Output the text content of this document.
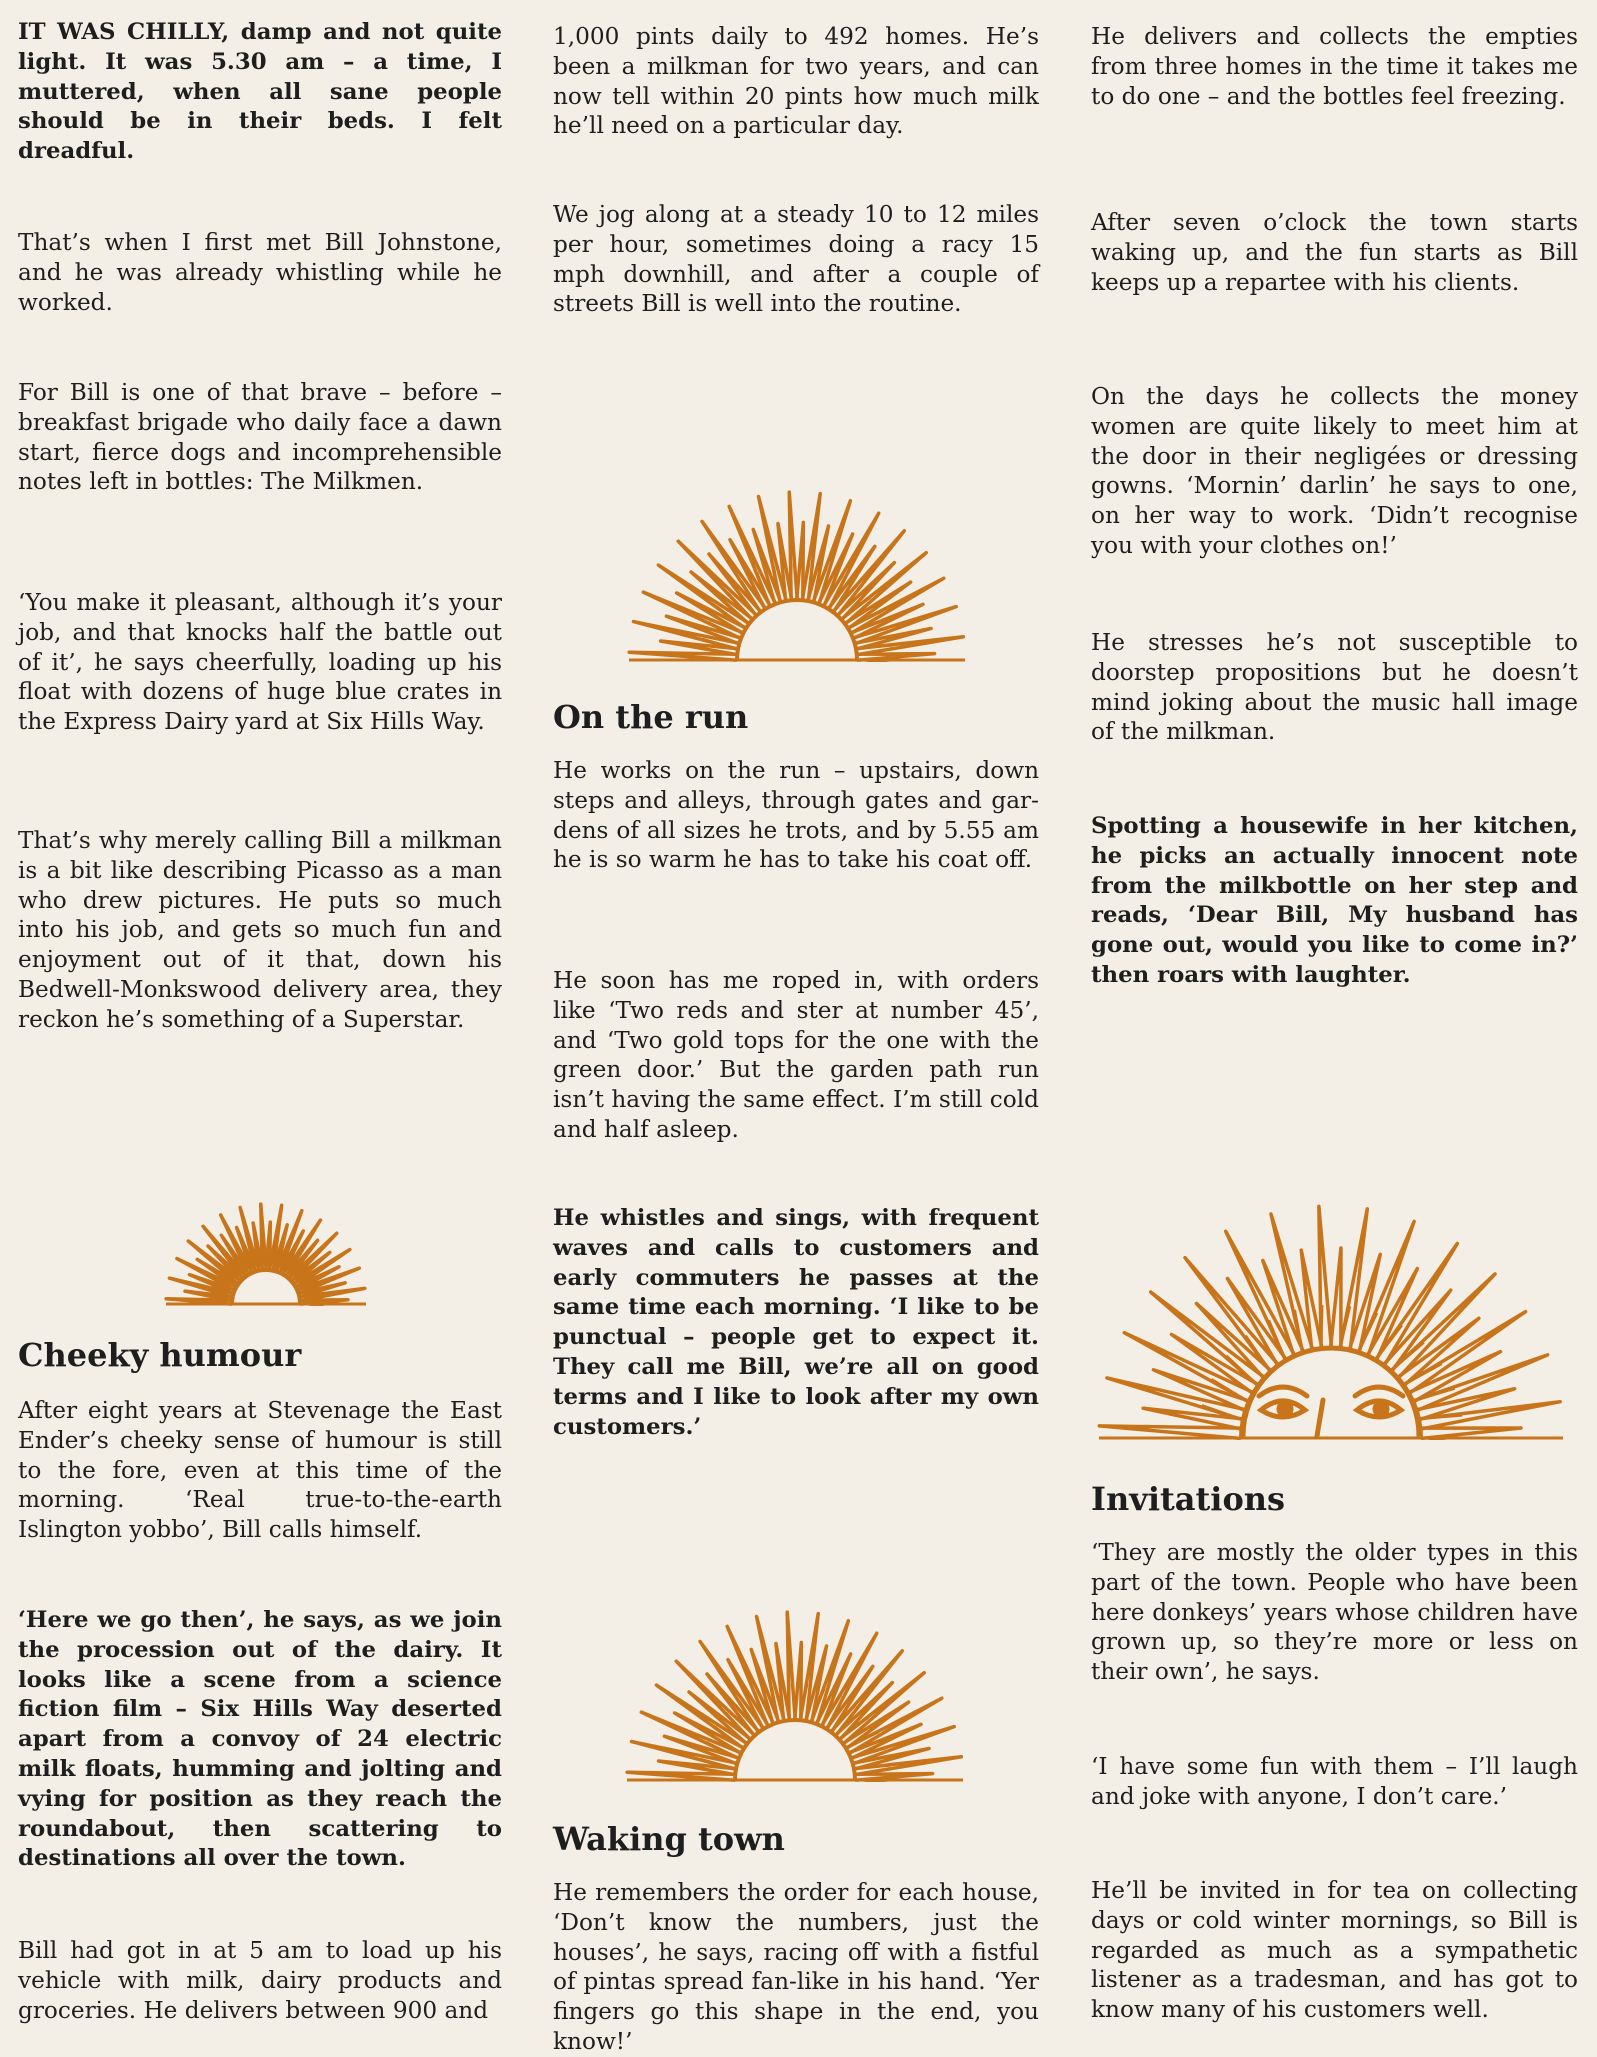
IT WAS CHILLY, damp and not quite light. It was 5.30 am – a time, I muttered, when all sane people should be in their beds. I felt dreadful.

That’s when I first met Bill Johnstone, and he was already whistling while he worked.

For Bill is one of that brave – before – breakfast brigade who daily face a dawn start, fierce dogs and incomprehensible notes left in bottles: The Milkmen.

‘You make it pleasant, although it’s your job, and that knocks half the battle out of it’, he says cheerfully, loading up his float with dozens of huge blue crates in the Express Dairy yard at Six Hills Way.

That’s why merely calling Bill a milkman is a bit like describing Picasso as a man who drew pictures. He puts so much into his job, and gets so much fun and enjoyment out of it that, down his Bedwell-Monkswood delivery area, they reckon he’s something of a Superstar.

Cheeky humour

After eight years at Stevenage the East Ender’s cheeky sense of humour is still to the fore, even at this time of the morning. ‘Real true-to-the-earth Islington yobbo’, Bill calls himself.

‘Here we go then’, he says, as we join the procession out of the dairy. It looks like a scene from a science fiction film – Six Hills Way deserted apart from a convoy of 24 electric milk floats, humming and jolting and vying for position as they reach the roundabout, then scattering to destinations all over the town.

Bill had got in at 5 am to load up his vehicle with milk, dairy products and groceries. He delivers between 900 and

1,000 pints daily to 492 homes. He’s been a milkman for two years, and can now tell within 20 pints how much milk he’ll need on a particular day.

We jog along at a steady 10 to 12 miles per hour, sometimes doing a racy 15 mph downhill, and after a couple of streets Bill is well into the routine.

On the run

He works on the run – upstairs, down steps and alleys, through gates and gardens of all sizes he trots, and by 5.55 am he is so warm he has to take his coat off.

He soon has me roped in, with orders like ‘Two reds and ster at number 45’, and ‘Two gold tops for the one with the green door.’ But the garden path run isn’t having the same effect. I’m still cold and half asleep.

He whistles and sings, with frequent waves and calls to customers and early commuters he passes at the same time each morning. ‘I like to be punctual – people get to expect it. They call me Bill, we’re all on good terms and I like to look after my own customers.’

Waking town

He remembers the order for each house, ‘Don’t know the numbers, just the houses’, he says, racing off with a fistful of pintas spread fan-like in his hand. ‘Yer fingers go this shape in the end, you know!’

He delivers and collects the empties from three homes in the time it takes me to do one – and the bottles feel freezing.

After seven o’clock the town starts waking up, and the fun starts as Bill keeps up a repartee with his clients.

On the days he collects the money women are quite likely to meet him at the door in their negligées or dressing gowns. ‘Mornin’ darlin’ he says to one, on her way to work. ‘Didn’t recognise you with your clothes on!’

He stresses he’s not susceptible to doorstep propositions but he doesn’t mind joking about the music hall image of the milkman.

Spotting a housewife in her kitchen, he picks an actually innocent note from the milkbottle on her step and reads, ‘Dear Bill, My husband has gone out, would you like to come in?’ then roars with laughter.

Invitations

‘They are mostly the older types in this part of the town. People who have been here donkeys’ years whose children have grown up, so they’re more or less on their own’, he says.

‘I have some fun with them – I’ll laugh and joke with anyone, I don’t care.’

He’ll be invited in for tea on collecting days or cold winter mornings, so Bill is regarded as much as a sympathetic listener as a tradesman, and has got to know many of his customers well.
